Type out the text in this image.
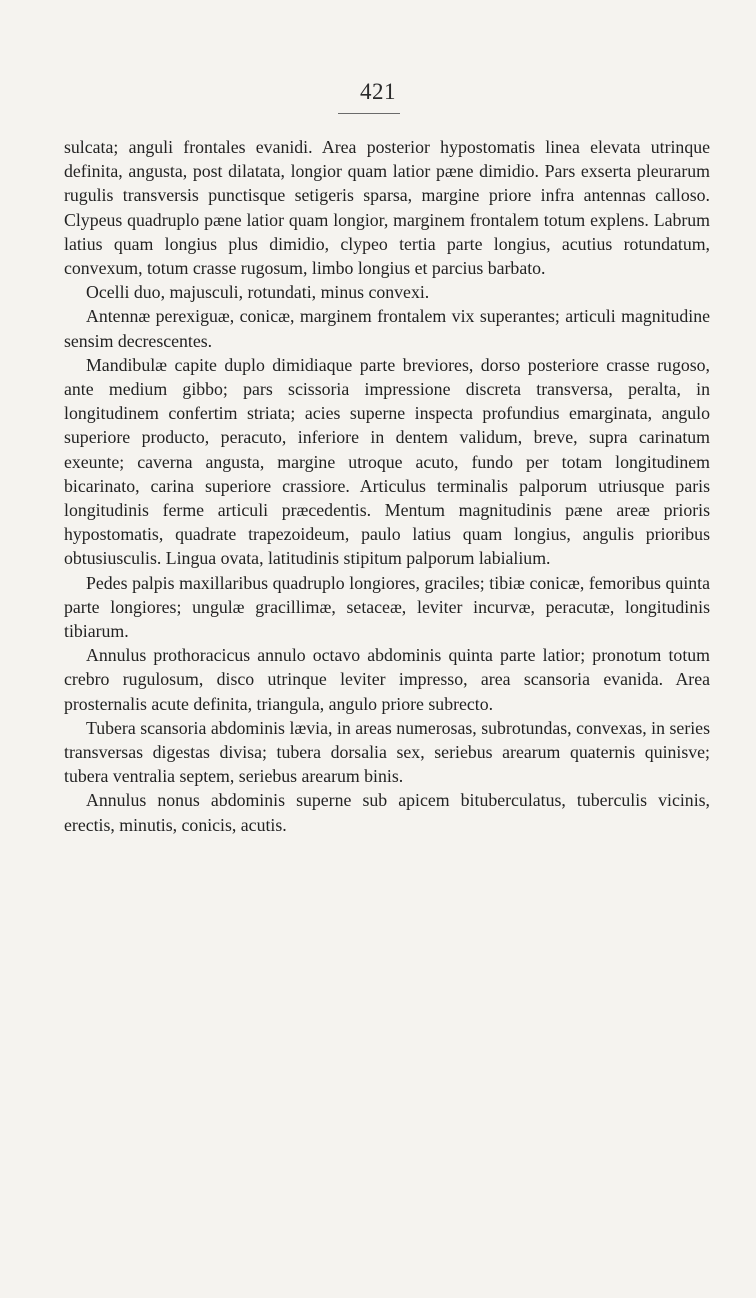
421

sulcata; anguli frontales evanidi. Area posterior hypostomatis linea elevata utrinque definita, angusta, post dilatata, longior quam latior pæne dimidio. Pars exserta pleurarum rugulis transversis punctisque setigeris sparsa, margine priore infra antennas calloso. Clypeus quadruplo pæne latior quam longior, marginem frontalem totum explens. Labrum latius quam longius plus dimidio, clypeo tertia parte longius, acutius rotundatum, convexum, totum crasse rugosum, limbo longius et parcius barbato.

Ocelli duo, majusculi, rotundati, minus convexi.

Antennæ perexiguæ, conicæ, marginem frontalem vix superantes; articuli magnitudine sensim decrescentes.

Mandibulæ capite duplo dimidiaque parte breviores, dorso posteriore crasse rugoso, ante medium gibbo; pars scissoria impressione discreta transversa, peralta, in longitudinem confertim striata; acies superne inspecta profundius emarginata, angulo superiore producto, peracuto, inferiore in dentem validum, breve, supra carinatum exeunte; caverna angusta, margine utroque acuto, fundo per totam longitudinem bicarinato, carina superiore crassiore. Articulus terminalis palporum utriusque paris longitudinis ferme articuli præcedentis. Mentum magnitudinis pæne areæ prioris hypostomatis, quadrate trapezoideum, paulo latius quam longius, angulis prioribus obtusiusculis. Lingua ovata, latitudinis stipitum palporum labialium.

Pedes palpis maxillaribus quadruplo longiores, graciles; tibiæ conicæ, femoribus quinta parte longiores; ungulæ gracillimæ, setaceæ, leviter incurvæ, peracutæ, longitudinis tibiarum.

Annulus prothoracicus annulo octavo abdominis quinta parte latior; pronotum totum crebro rugulosum, disco utrinque leviter impresso, area scansoria evanida. Area prosternalis acute definita, triangula, angulo priore subrecto.

Tubera scansoria abdominis lævia, in areas numerosas, subrotundas, convexas, in series transversas digestas divisa; tubera dorsalia sex, seriebus arearum quaternis quinisve; tubera ventralia septem, seriebus arearum binis.

Annulus nonus abdominis superne sub apicem bituberculatus, tuberculis vicinis, erectis, minutis, conicis, acutis.
